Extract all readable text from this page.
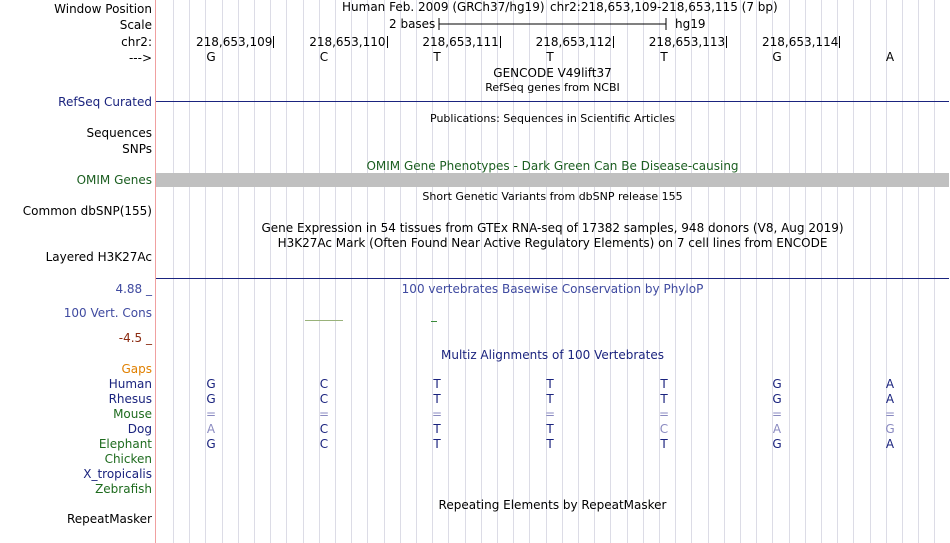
Window Position	Human Feb. 2009 (GRCh37/hg19) chr2:218,653,109-218,653,115 (7 bp)
Scale	2 bases	hg19
chr2:	218,653,109	218,653,110	218,653,111	218,653,112	218,653,113	218,653,114
--->	G	C	T	T	T	G	A
GENCODE V49lift37
RefSeq genes from NCBI
RefSeq Curated
Publications: Sequences in Scientific Articles
Sequences
SNPs
OMIM Gene Phenotypes - Dark Green Can Be Disease-causing
OMIM Genes
Short Genetic Variants from dbSNP release 155
Common dbSNP(155)
Gene Expression in 54 tissues from GTEx RNA-seq of 17382 samples, 948 donors (V8, Aug 2019)
H3K27Ac Mark (Often Found Near Active Regulatory Elements) on 7 cell lines from ENCODE
Layered H3K27Ac
4.88 _	100 vertebrates Basewise Conservation by PhyloP
100 Vert. Cons
-4.5 _
Multiz Alignments of 100 Vertebrates
Gaps
Human	G	C	T	T	T	G	A
Rhesus	G	C	T	T	T	G	A
Mouse	=	=	=	=	=	=	=
Dog	A	C	T	T	C	A	G
Elephant	G	C	T	T	T	G	A
Chicken
X_tropicalis
Zebrafish
Repeating Elements by RepeatMasker
RepeatMasker
